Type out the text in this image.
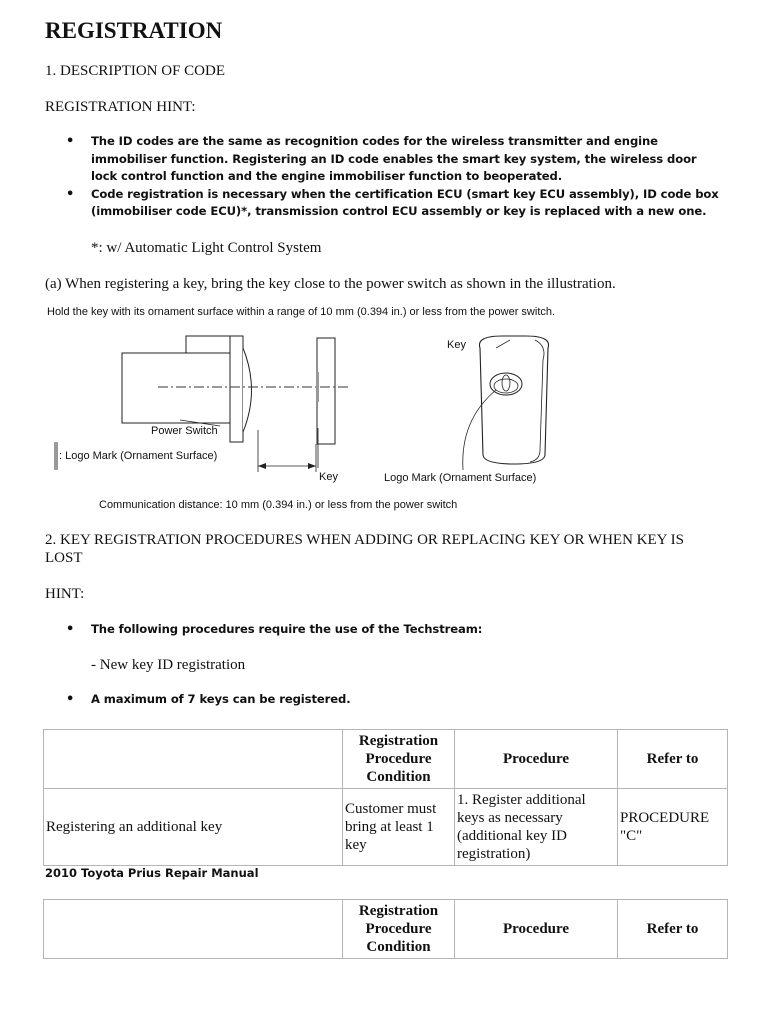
REGISTRATION
1. DESCRIPTION OF CODE
REGISTRATION HINT:
• The ID codes are the same as recognition codes for the wireless transmitter and engine immobiliser function. Registering an ID code enables the smart key system, the wireless door lock control function and the engine immobiliser function to beoperated.
• Code registration is necessary when the certification ECU (smart key ECU assembly), ID code box (immobiliser code ECU)*, transmission control ECU assembly or key is replaced with a new one.
*: w/ Automatic Light Control System
(a) When registering a key, bring the key close to the power switch as shown in the illustration.
Hold the key with its ornament surface within a range of 10 mm (0.394 in.) or less from the power switch.
Power Switch
: Logo Mark (Ornament Surface)
Key
Key
Logo Mark (Ornament Surface)
Communication distance: 10 mm (0.394 in.) or less from the power switch
2. KEY REGISTRATION PROCEDURES WHEN ADDING OR REPLACING KEY OR WHEN KEY IS LOST
HINT:
• The following procedures require the use of the Techstream:
- New key ID registration
• A maximum of 7 keys can be registered.
	Registration Procedure Condition	Procedure	Refer to
Registering an additional key	Customer must bring at least 1 key	1. Register additional keys as necessary (additional key ID registration)	PROCEDURE "C"
2010 Toyota Prius Repair Manual
	Registration Procedure Condition	Procedure	Refer to
